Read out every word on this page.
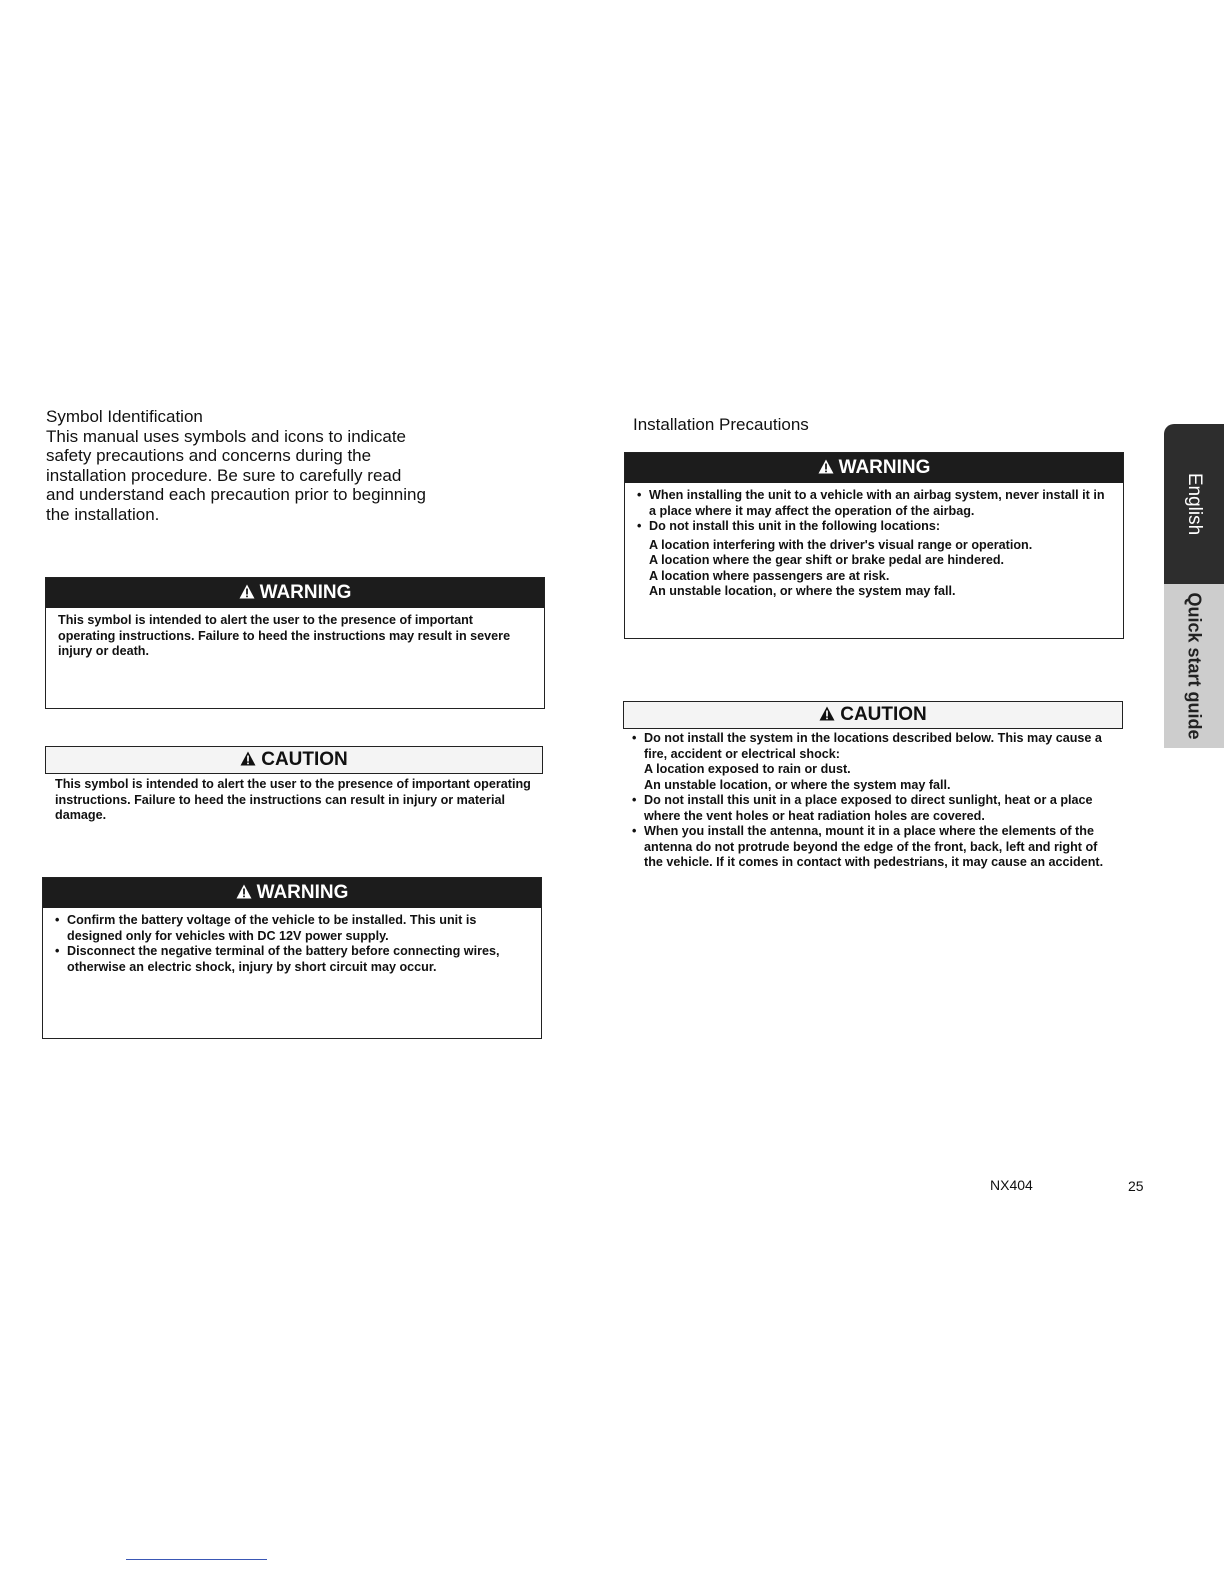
Symbol Identification
This manual uses symbols and icons to indicate safety precautions and concerns during the installation procedure. Be sure to carefully read and understand each precaution prior to beginning the installation.
WARNING
This symbol is intended to alert the user to the presence of important operating instructions. Failure to heed the instructions may result in severe injury or death.
CAUTION
This symbol is intended to alert the user to the presence of important operating instructions. Failure to heed the instructions can result in injury or material damage.
WARNING
• Confirm the battery voltage of the vehicle to be installed. This unit is designed only for vehicles with DC 12V power supply.
• Disconnect the negative terminal of the battery before connecting wires, otherwise an electric shock, injury by short circuit may occur.
Installation Precautions
WARNING
• When installing the unit to a vehicle with an airbag system, never install it in a place where it may affect the operation of the airbag.
• Do not install this unit in the following locations:
A location interfering with the driver's visual range or operation.
A location where the gear shift or brake pedal are hindered.
A location where passengers are at risk.
An unstable location, or where the system may fall.
CAUTION
• Do not install the system in the locations described below. This may cause a fire, accident or electrical shock:
A location exposed to rain or dust.
An unstable location, or where the system may fall.
• Do not install this unit in a place exposed to direct sunlight, heat or a place where the vent holes or heat radiation holes are covered.
• When you install the antenna, mount it in a place where the elements of the antenna do not protrude beyond the edge of the front, back, left and right of the vehicle. If it comes in contact with pedestrians, it may cause an accident.
English
Quick start guide
NX404	25
